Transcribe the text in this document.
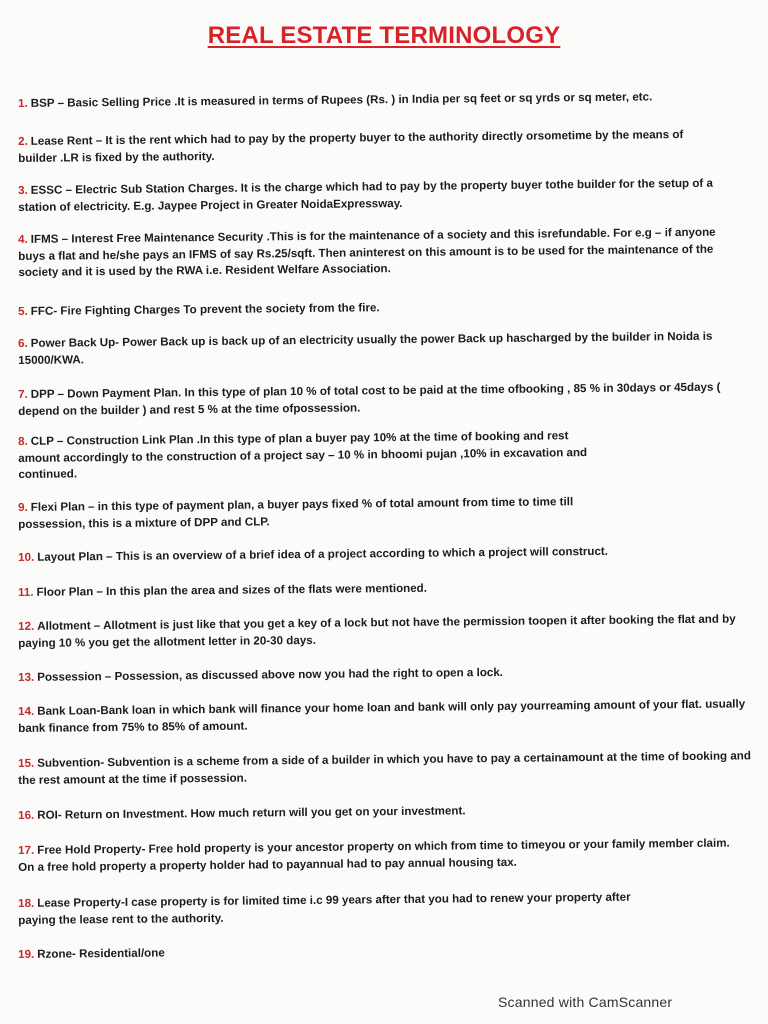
REAL ESTATE TERMINOLOGY
1. BSP – Basic Selling Price .It is measured in terms of Rupees (Rs. ) in India per sq feet or sq yrds or sq meter, etc.
2. Lease Rent – It is the rent which had to pay by the property buyer to the authority directly orsometime by the means of builder .LR is fixed by the authority.
3. ESSC – Electric Sub Station Charges. It is the charge which had to pay by the property buyer tothe builder for the setup of a station of electricity. E.g. Jaypee Project in Greater NoidaExpressway.
4. IFMS – Interest Free Maintenance Security .This is for the maintenance of a society and this isrefundable. For e.g – if anyone buys a flat and he/she pays an IFMS of say Rs.25/sqft. Then aninterest on this amount is to be used for the maintenance of the society and it is used by the RWA i.e. Resident Welfare Association.
5. FFC- Fire Fighting Charges To prevent the society from the fire.
6. Power Back Up- Power Back up is back up of an electricity usually the power Back up hascharged by the builder in Noida is 15000/KWA.
7. DPP – Down Payment Plan. In this type of plan 10 % of total cost to be paid at the time ofbooking , 85 % in 30days or 45days ( depend on the builder ) and rest 5 % at the time ofpossession.
8. CLP – Construction Link Plan .In this type of plan a buyer pay 10% at the time of booking and rest amount accordingly to the construction of a project say – 10 % in bhoomi pujan ,10% in excavation and continued.
9. Flexi Plan – in this type of payment plan, a buyer pays fixed % of total amount from time to time till possession, this is a mixture of DPP and CLP.
10. Layout Plan – This is an overview of a brief idea of a project according to which a project will construct.
11. Floor Plan – In this plan the area and sizes of the flats were mentioned.
12. Allotment – Allotment is just like that you get a key of a lock but not have the permission toopen it after booking the flat and by paying 10 % you get the allotment letter in 20-30 days.
13. Possession – Possession, as discussed above now you had the right to open a lock.
14. Bank Loan-Bank loan in which bank will finance your home loan and bank will only pay yourreaming amount of your flat. usually bank finance from 75% to 85% of amount.
15. Subvention- Subvention is a scheme from a side of a builder in which you have to pay a certainamount at the time of booking and the rest amount at the time if possession.
16. ROI- Return on Investment. How much return will you get on your investment.
17. Free Hold Property- Free hold property is your ancestor property on which from time to timeyou or your family member claim. On a free hold property a property holder had to payannual had to pay annual housing tax.
18. Lease Property-I case property is for limited time i.c 99 years after that you had to renew your property after paying the lease rent to the authority.
19. Rzone- Residential/one
Scanned with CamScanner
